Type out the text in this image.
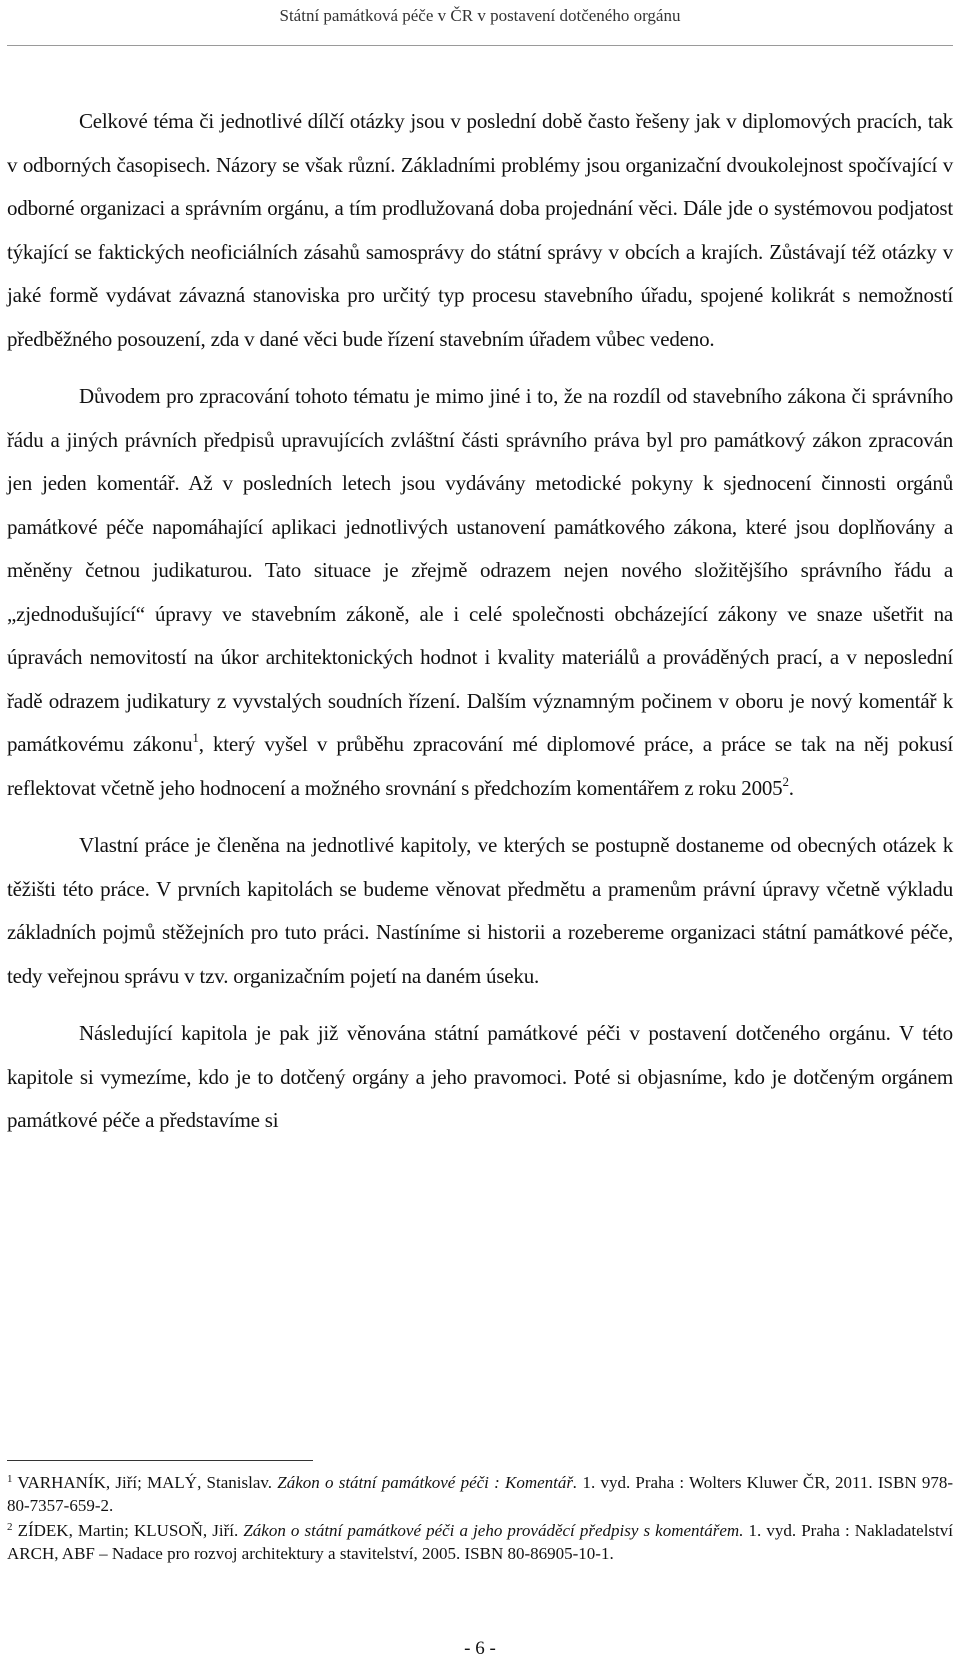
Státní památková péče v ČR v postavení dotčeného orgánu

Celkové téma či jednotlivé dílčí otázky jsou v poslední době často řešeny jak v diplomových pracích, tak v odborných časopisech. Názory se však různí. Základními problémy jsou organizační dvoukolejnost spočívající v odborné organizaci a správním orgánu, a tím prodlužovaná doba projednání věci. Dále jde o systémovou podjatost týkající se faktických neoficiálních zásahů samosprávy do státní správy v obcích a krajích. Zůstávají též otázky v jaké formě vydávat závazná stanoviska pro určitý typ procesu stavebního úřadu, spojené kolikrát s nemožností předběžného posouzení, zda v dané věci bude řízení stavebním úřadem vůbec vedeno.

Důvodem pro zpracování tohoto tématu je mimo jiné i to, že na rozdíl od stavebního zákona či správního řádu a jiných právních předpisů upravujících zvláštní části správního práva byl pro památkový zákon zpracován jen jeden komentář. Až v posledních letech jsou vydávány metodické pokyny k sjednocení činnosti orgánů památkové péče napomáhající aplikaci jednotlivých ustanovení památkového zákona, které jsou doplňovány a měněny četnou judikaturou. Tato situace je zřejmě odrazem nejen nového složitějšího správního řádu a „zjednodušující“ úpravy ve stavebním zákoně, ale i celé společnosti obcházející zákony ve snaze ušetřit na úpravách nemovitostí na úkor architektonických hodnot i kvality materiálů a prováděných prací, a v neposlední řadě odrazem judikatury z vyvstalých soudních řízení. Dalším významným počinem v oboru je nový komentář k památkovému zákonu$^1$, který vyšel v průběhu zpracování mé diplomové práce, a práce se tak na něj pokusí reflektovat včetně jeho hodnocení a možného srovnání s předchozím komentářem z roku 2005$^2$.

Vlastní práce je členěna na jednotlivé kapitoly, ve kterých se postupně dostaneme od obecných otázek k těžišti této práce. V prvních kapitolách se budeme věnovat předmětu a pramenům právní úpravy včetně výkladu základních pojmů stěžejních pro tuto práci. Nastíníme si historii a rozebereme organizaci státní památkové péče, tedy veřejnou správu v tzv. organizačním pojetí na daném úseku.

Následující kapitola je pak již věnována státní památkové péči v postavení dotčeného orgánu. V této kapitole si vymezíme, kdo je to dotčený orgány a jeho pravomoci. Poté si objasníme, kdo je dotčeným orgánem památkové péče a představíme si

$^1$ VARHANÍK, Jiří; MALÝ, Stanislav. Zákon o státní památkové péči : Komentář. 1. vyd. Praha : Wolters Kluwer ČR, 2011. ISBN 978-80-7357-659-2.
$^2$ ZÍDEK, Martin; KLUSOŇ, Jiří. Zákon o státní památkové péči a jeho prováděcí předpisy s komentářem. 1. vyd. Praha : Nakladatelství ARCH, ABF – Nadace pro rozvoj architektury a stavitelství, 2005. ISBN 80-86905-10-1.
- 6 -
